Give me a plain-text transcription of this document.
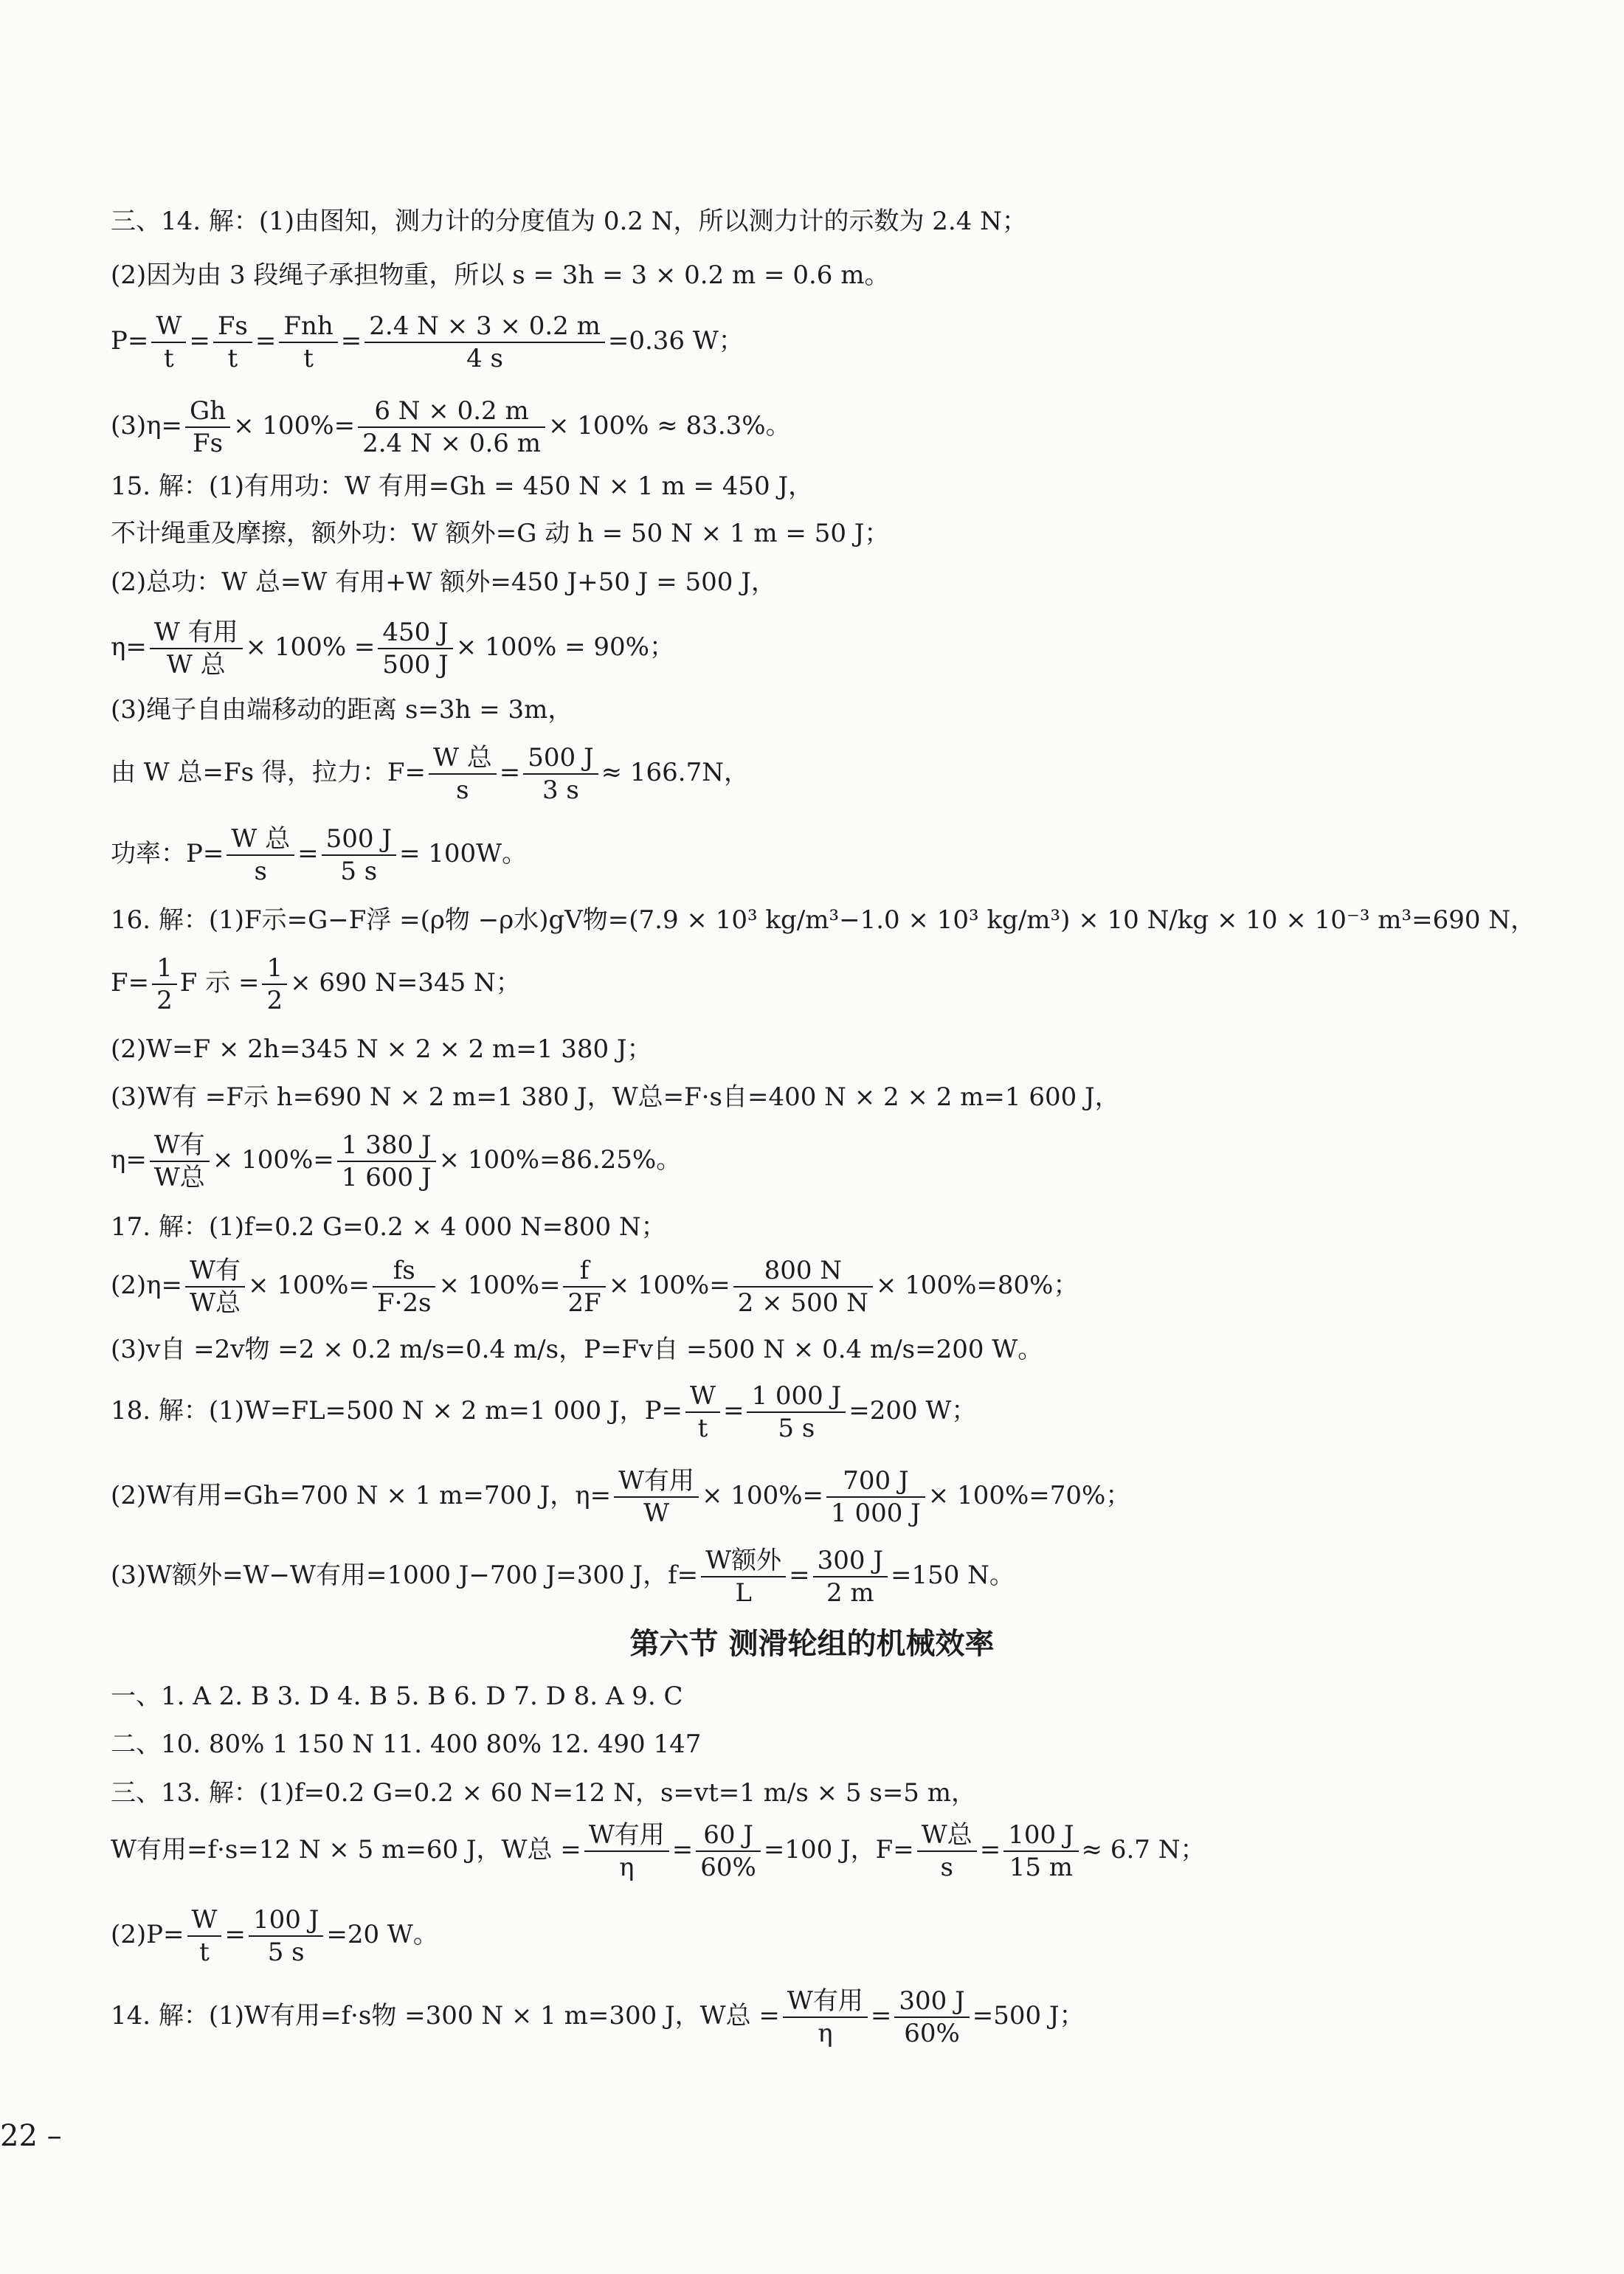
三、14. 解：(1)由图知，测力计的分度值为 0.2 N，所以测力计的示数为 2.4 N；
(2)因为由 3 段绳子承担物重，所以 s = 3h = 3 × 0.2 m = 0.6 m。
$P= \frac{W}{t} = \frac{Fs}{t} = \frac{\text{Fnh}}{t} = \frac{2.4 N \times 3 \times 0.2 m}{4 s} =0.36$ W；
$(3)\eta= \frac{Gh}{Fs} \times 100\%= \frac{6 N \times 0.2 m}{2.4 N \times 0.6 m} \times 100\% \approx 83.3\%$。
15. 解：(1)有用功：W 有用=Gh = 450 N × 1 m = 450 J，
不计绳重及摩擦，额外功：W 额外=G 动 h = 50 N × 1 m = 50 J；
(2)总功：W 总=W 有用+W 额外=450 J+50 J = 500 J，
$\eta= \frac{\text{W 有用}}{\text{W 总}} \times 100\% = \frac{450 J}{500 J} \times 100\% = 90\%$；
(3)绳子自由端移动的距离 s=3h = 3m，
由 W 总=Fs 得，拉力：$F= \frac{\text{W 总}}{s} = \frac{500 J}{3 s} \approx 166.7N$，
功率：$P= \frac{\text{W 总}}{s} = \frac{500 J}{5 s} = 100W$。
16. 解：(1)F示=G−F浮 =(ρ物 −ρ水)gV物=(7.9 × 10³ kg/m³−1.0 × 10³ kg/m³) × 10 N/kg × 10 × 10⁻³ m³=690 N，
$F= \frac{1}{2}$ F 示 = $\frac{1}{2} \times 690$ N=345 N；
(2)W=F × 2h=345 N × 2 × 2 m=1 380 J；
(3)W有 =F示 h=690 N × 2 m=1 380 J，W总=F·s自=400 N × 2 × 2 m=1 600 J，
$\eta= \frac{\text{W有}}{\text{W总}} \times 100\%= \frac{1 380 J}{1 600 J} \times 100\%=86.25\%$。
17. 解：(1)f=0.2 G=0.2 × 4 000 N=800 N；
$(2)\eta= \frac{\text{W有}}{\text{W总}} \times 100\%= \frac{fs}{F\cdot 2s} \times 100\%= \frac{f}{2F} \times 100\%= \frac{800 N}{2 \times 500 N} \times 100\%=80\%$；
(3)v自 =2v物 =2 × 0.2 m/s=0.4 m/s，P=Fv自 =500 N × 0.4 m/s=200 W。
18. 解：(1)W=FL=500 N × 2 m=1 000 J，$P= \frac{W}{t} = \frac{1 000 J}{5 s} =200$ W；
(2)W有用=Gh=700 N × 1 m=700 J，$\eta= \frac{\text{W有用}}{W} \times 100\%= \frac{700 J}{1 000 J} \times 100\%=70\%$；
(3)W额外=W−W有用=1000 J−700 J=300 J，$f= \frac{\text{W额外}}{L} = \frac{300 J}{2 m} =150$ N。
第六节 测滑轮组的机械效率
一、1. A 2. B 3. D 4. B 5. B 6. D 7. D 8. A 9. C
二、10. 80% 1 150 N 11. 400 80% 12. 490 147
三、13. 解：(1)f=0.2 G=0.2 × 60 N=12 N，s=vt=1 m/s × 5 s=5 m，
W有用=f·s=12 N × 5 m=60 J，W总 = $\frac{\text{W有用}}{\eta} = \frac{60 J}{60\%} =100$ J，$F= \frac{\text{W总}}{s} = \frac{100 J}{15 m} \approx 6.7$ N；
$(2)P= \frac{W}{t} = \frac{100 J}{5 s} =20$ W。
14. 解：(1)W有用=f·s物 =300 N × 1 m=300 J，W总 = $\frac{\text{W有用}}{\eta} = \frac{300 J}{60\%} =500$ J；
22 –
